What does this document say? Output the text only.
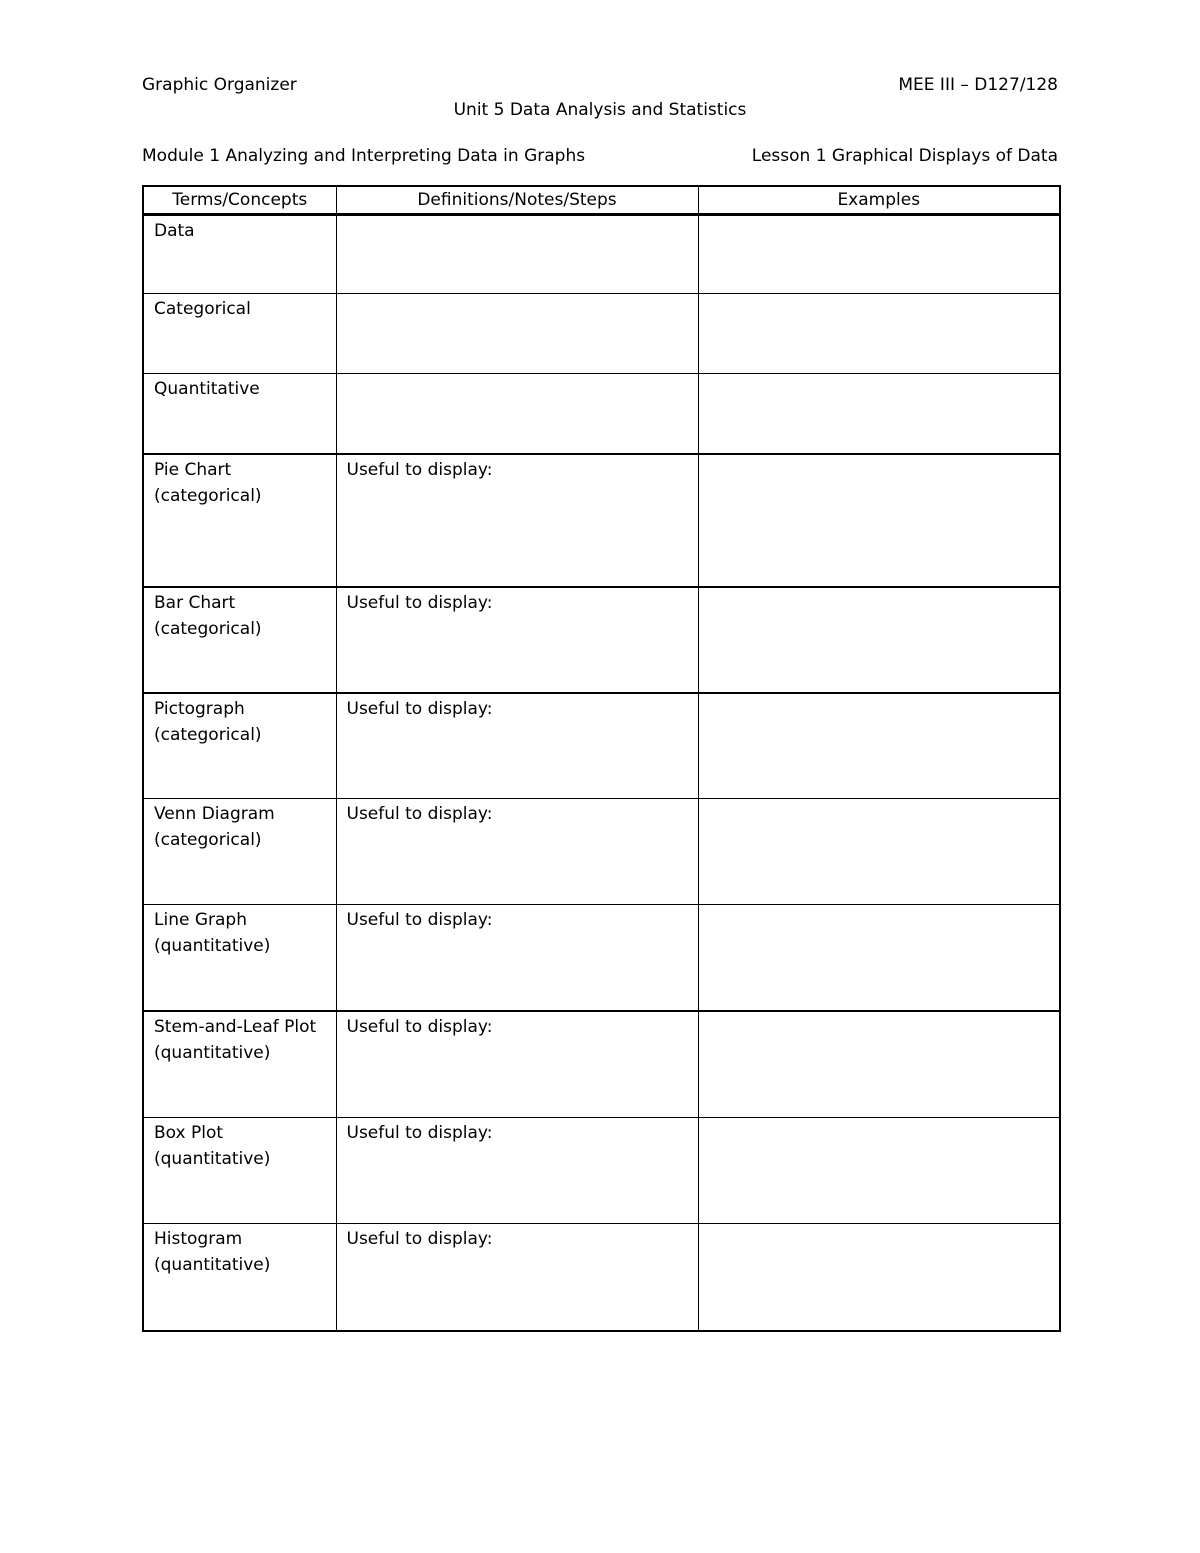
Graphic Organizer	MEE III – D127/128
Unit 5 Data Analysis and Statistics
Module 1 Analyzing and Interpreting Data in Graphs	Lesson 1 Graphical Displays of Data
Terms/Concepts	Definitions/Notes/Steps	Examples

Data		

Categorical		

Quantitative		

Pie Chart
(categorical)	Useful to display:	

Bar Chart
(categorical)	Useful to display:	

Pictograph
(categorical)	Useful to display:	

Venn Diagram
(categorical)	Useful to display:	

Line Graph
(quantitative)	Useful to display:	

Stem-and-Leaf Plot
(quantitative)	Useful to display:	

Box Plot
(quantitative)	Useful to display:	

Histogram
(quantitative)	Useful to display:	
